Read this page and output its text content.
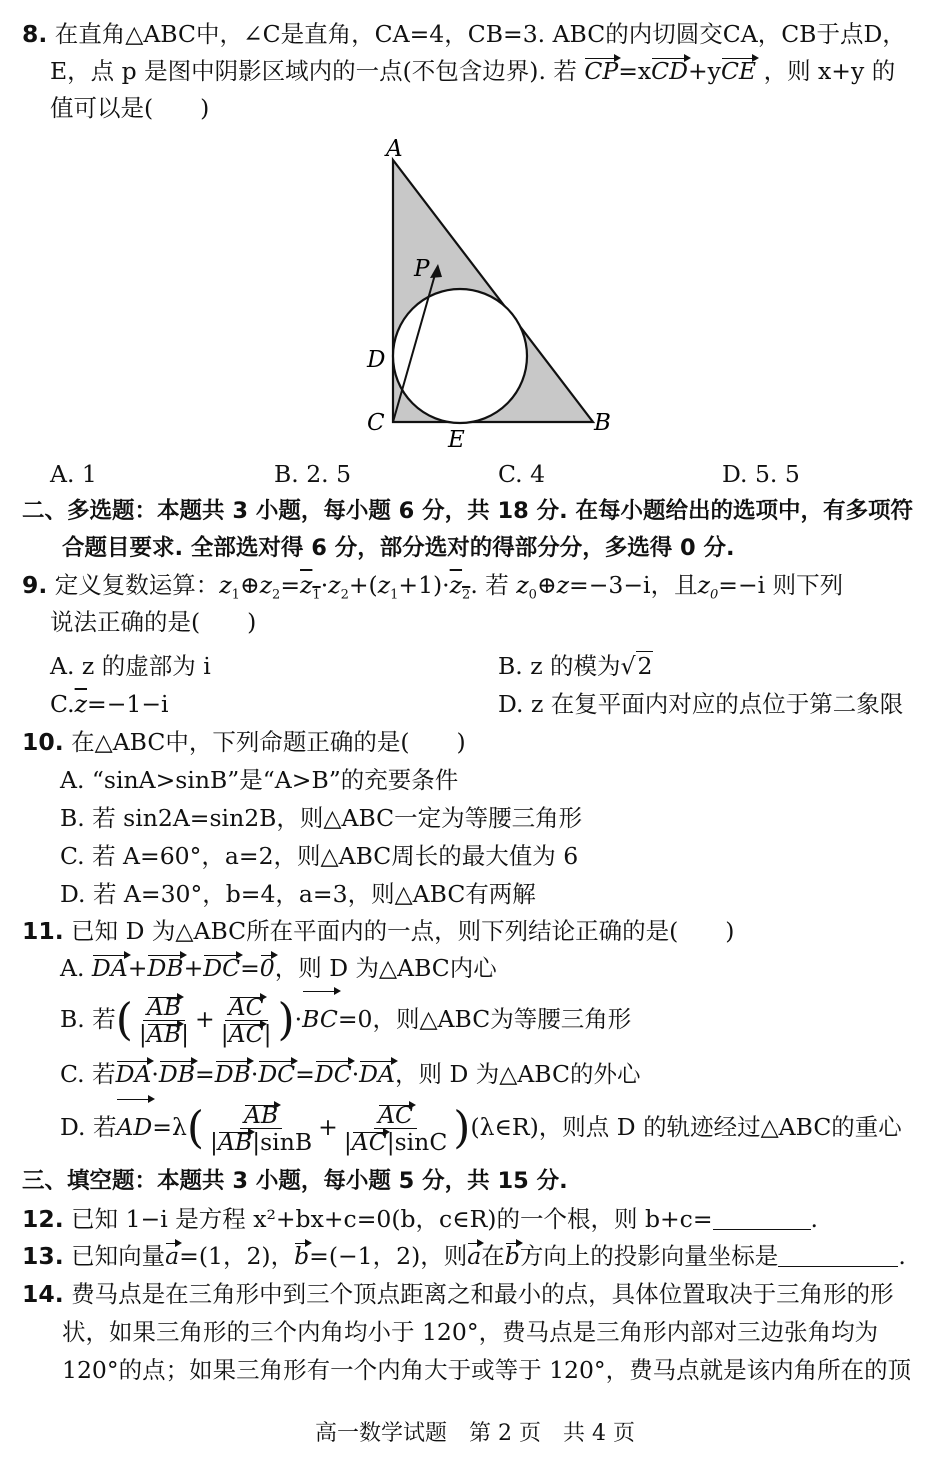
8. 在直角△ABC中，∠C是直角，CA=4，CB=3. ABC的内切圆交CA，CB于点D，
E，点 p 是图中阴影区域内的一点(不包含边界). 若 CP=xCD+yCE ，则 x+y 的
值可以是(　　)
A
P
D
C
E
B
A. 1	B. 2. 5	C. 4	D. 5. 5
二、多选题：本题共 3 小题，每小题 6 分，共 18 分. 在每小题给出的选项中，有多项符
合题目要求. 全部选对得 6 分，部分选对的得部分分，多选得 0 分.
9. 定义复数运算：$z_1\oplus z_2=z_1\cdot z_2+(z_1+1)\cdot z_2$. 若 $z_0\oplus z=-3-i$，且$z_0=-i$ 则下列
说法正确的是(　　)
A. z 的虚部为 i	B. z 的模为√2
$C.\overline{z}=-1-i$	D. z 在复平面内对应的点位于第二象限
10. 在△ABC中，下列命题正确的是(　　)
A. “sinA>sinB”是“A>B”的充要条件
B. 若 sin2A=sin2B，则△ABC一定为等腰三角形
C. 若 A=60°，a=2，则△ABC周长的最大值为 6
D. 若 A=30°，b=4，a=3，则△ABC有两解
11. 已知 D 为△ABC所在平面内的一点，则下列结论正确的是(　　)
A. DA+DB+DC=0，则 D 为△ABC内心
B. 若( $\frac{AB}{|AB|} + \frac{AC}{|AC|} )\cdot BC=0$，则△ABC为等腰三角形
C. 若DA·DB=DB·DC=DC·DA，则 D 为△ABC的外心
D. 若$AD=\lambda( \frac{AB}{|AB|\sin B} + \frac{AC}{|AC|\sin C}$ )(λ∈R)，则点 D 的轨迹经过△ABC的重心
三、填空题：本题共 3 小题，每小题 5 分，共 15 分.
12. 已知 1−i 是方程 x²+bx+c=0(b，c∈R)的一个根，则 b+c=	.
13. 已知向量a=(1，2)，b=(−1，2)，则a在b方向上的投影向量坐标是	.
14. 费马点是在三角形中到三个顶点距离之和最小的点，具体位置取决于三角形的形
状，如果三角形的三个内角均小于 120°，费马点是三角形内部对三边张角均为
120°的点；如果三角形有一个内角大于或等于 120°，费马点就是该内角所在的顶
高一数学试题　第 2 页　共 4 页
